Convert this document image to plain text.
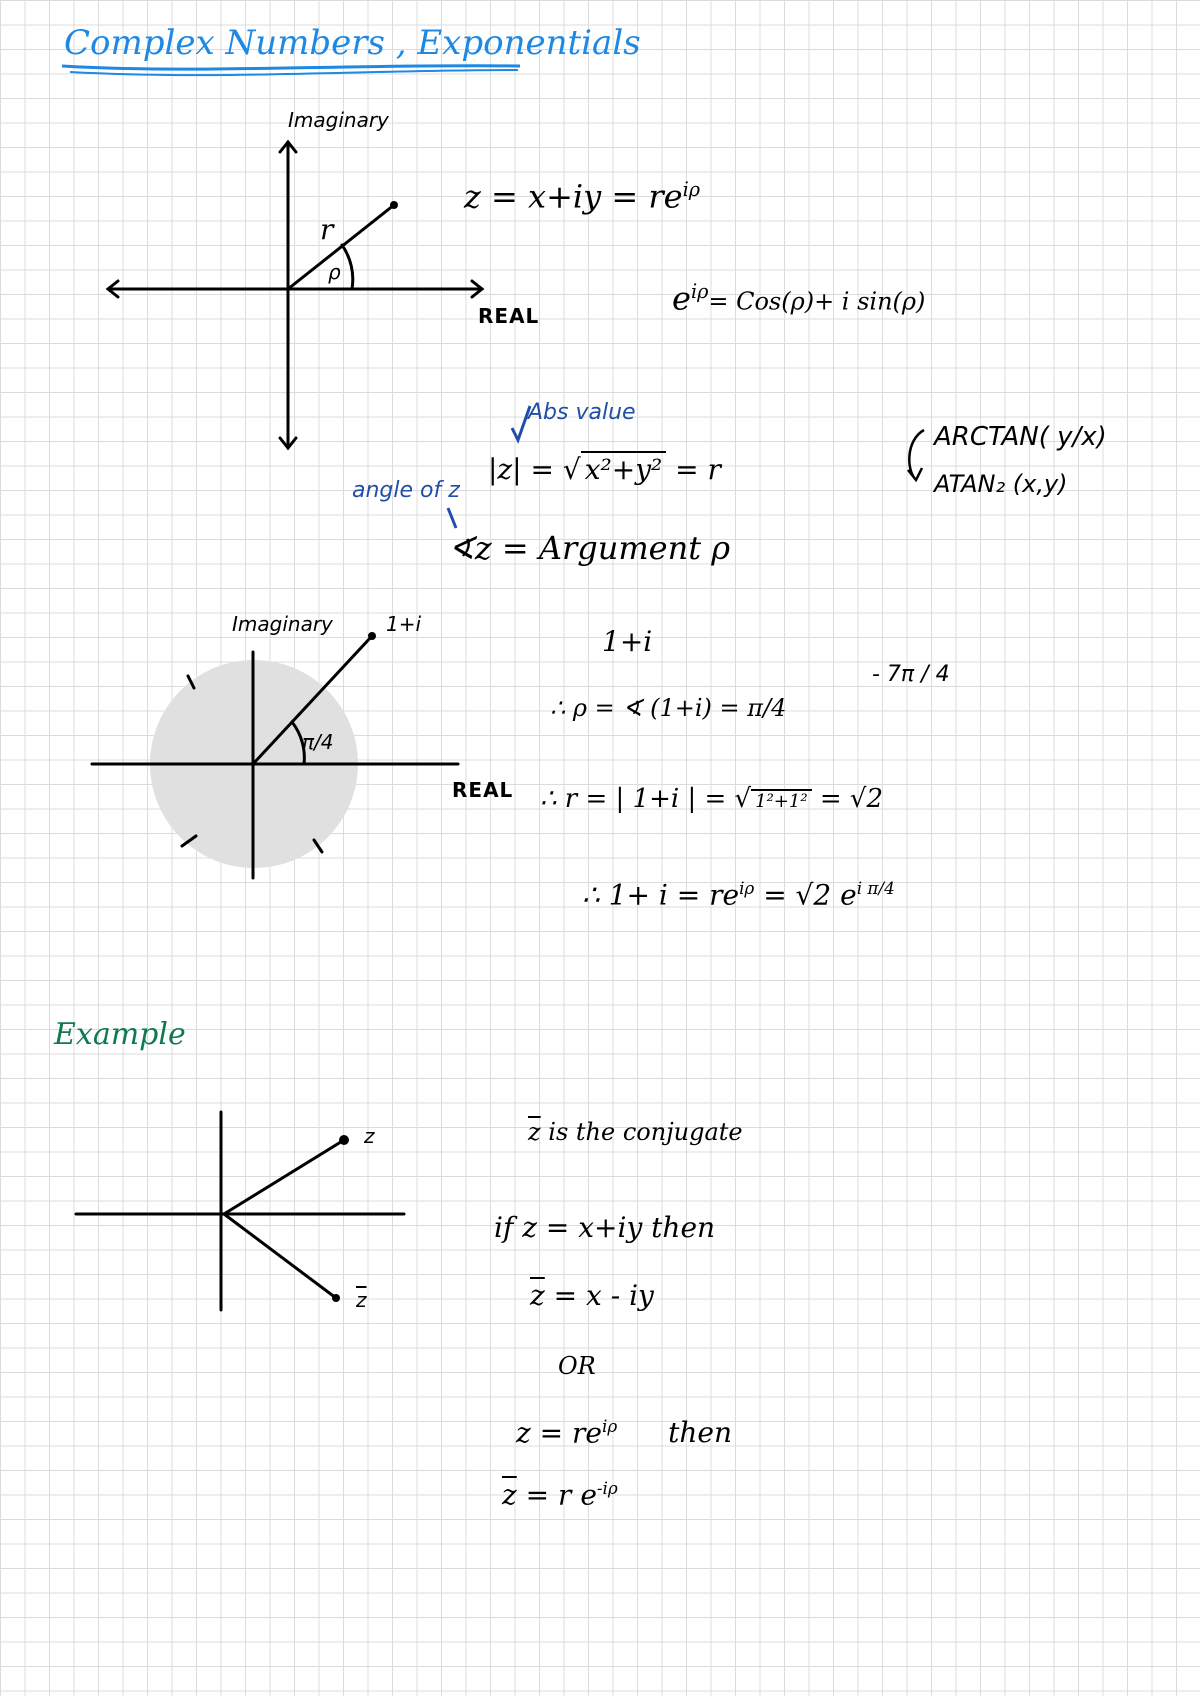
Complex Numbers , Exponentials
Imaginary
REAL
r
ρ
$z = x+iy = re^{i\rho}$
$e^{i\rho}= Cos(\rho)+ i$ sin(ρ)
Abs value
|z| = √ x²+y² = r
angle of z
∢z = Argument ρ
ARCTAN( y/x)
ATAN₂ (x,y)
Imaginary	1+i
π/4
REAL
1+i
∴ ρ = ∢ (1+i) = π/4
- 7π / 4
∴ r = | 1+i | = √ 1²+1² = √2
∴ $1+ i = re^{i\rho} = √2$ $e^{i \pi/4}$
Example
z
$\overline{z}$
$\overline{z}$ is the conjugate
if z = x+iy then
$\overline{z} = x$ - iy
OR
$z = re^{i\rho}$ then
$\overline{z} = r$ $e^{-i\rho}$
